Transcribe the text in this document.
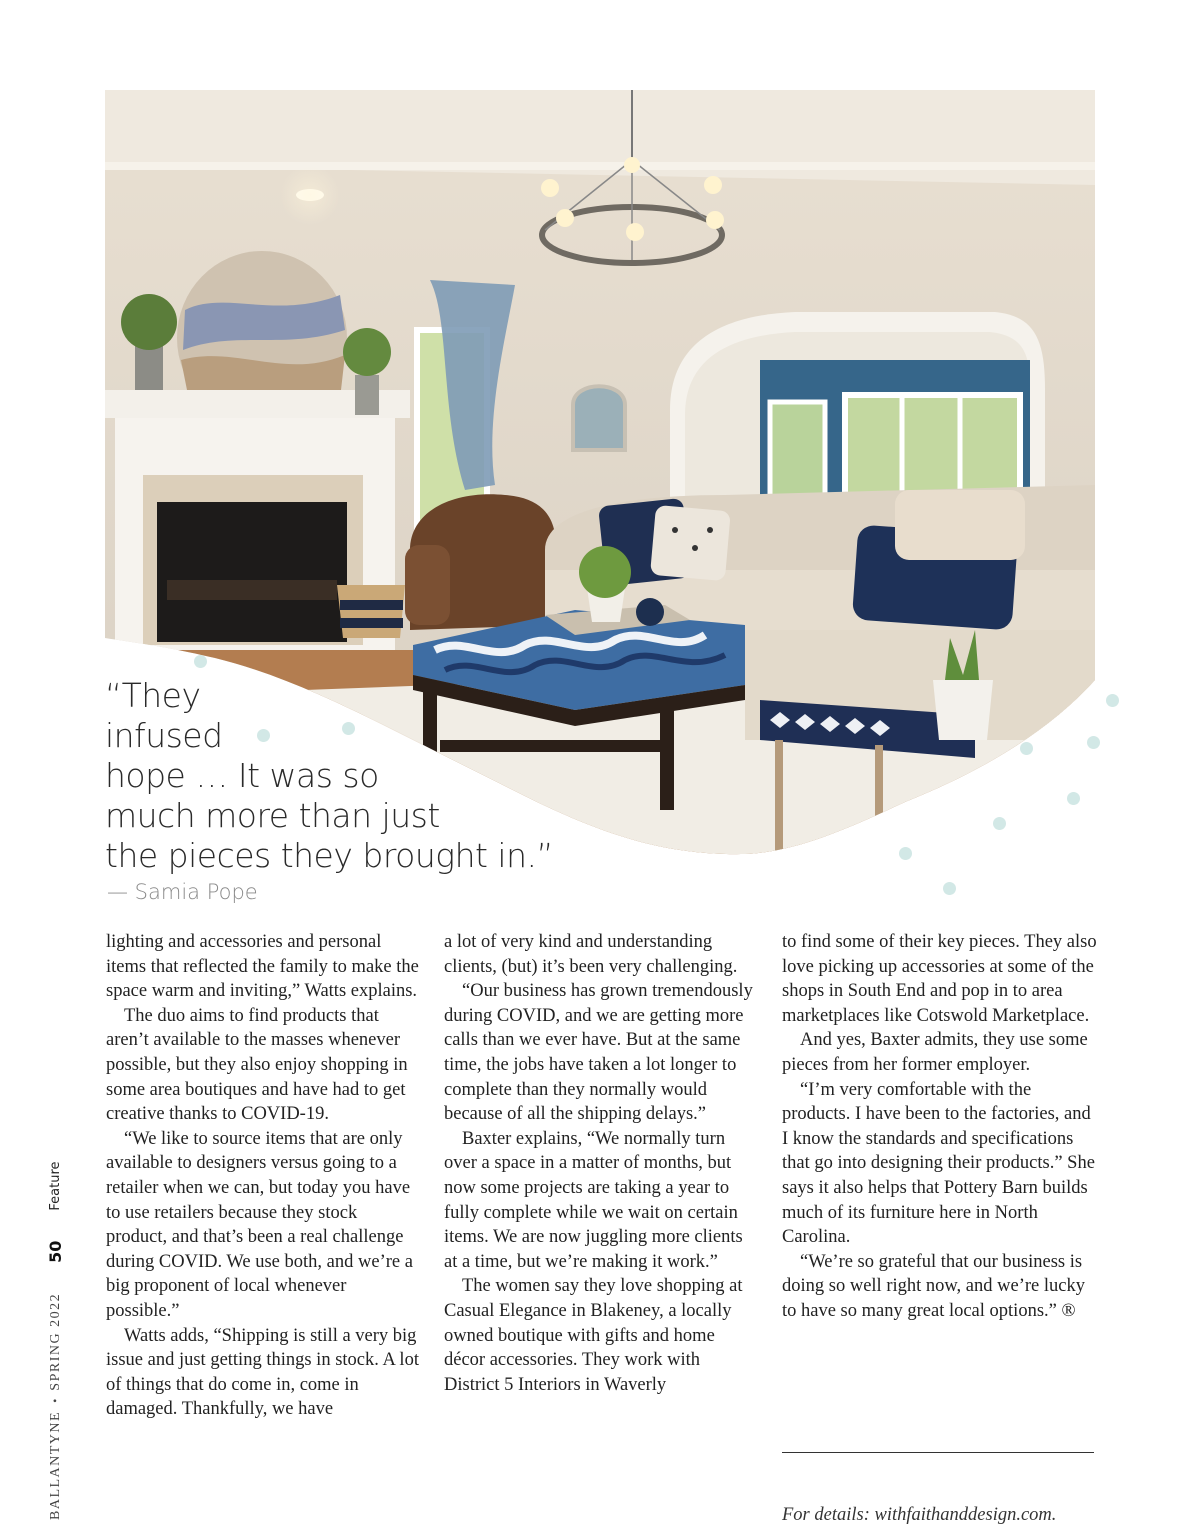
“They
infused
hope … It was so
much more than just
the pieces they brought in.”
— Samia Pope
BALLANTYNE
•
SPRING 2022
50
Feature

lighting and accessories and personal items that reflected the family to make the space warm and inviting,” Watts explains.

The duo aims to find products that aren’t available to the masses whenever possible, but they also enjoy shopping in some area boutiques and have had to get creative thanks to COVID-19.

“We like to source items that are only available to designers versus going to a retailer when we can, but today you have to use retailers because they stock product, and that’s been a real challenge during COVID. We use both, and we’re a big proponent of local whenever possible.”

Watts adds, “Shipping is still a very big issue and just getting things in stock. A lot of things that do come in, come in damaged. Thankfully, we have

a lot of very kind and understanding clients, (but) it’s been very challenging.

“Our business has grown tremendously during COVID, and we are getting more calls than we ever have. But at the same time, the jobs have taken a lot longer to complete than they normally would because of all the shipping delays.”

Baxter explains, “We normally turn over a space in a matter of months, but now some projects are taking a year to fully complete while we wait on certain items. We are now juggling more clients at a time, but we’re making it work.”

The women say they love shopping at Casual Elegance in Blakeney, a locally owned boutique with gifts and home décor accessories. They work with District 5 Interiors in Waverly

to find some of their key pieces. They also love picking up accessories at some of the shops in South End and pop in to area marketplaces like Cotswold Marketplace.

And yes, Baxter admits, they use some pieces from her former employer.

“I’m very comfortable with the products. I have been to the factories, and I know the standards and specifications that go into designing their products.” She says it also helps that Pottery Barn builds much of its furniture here in North Carolina.

“We’re so grateful that our business is doing so well right now, and we’re lucky to have so many great local options.” ®

For details: withfaithanddesign.com.
